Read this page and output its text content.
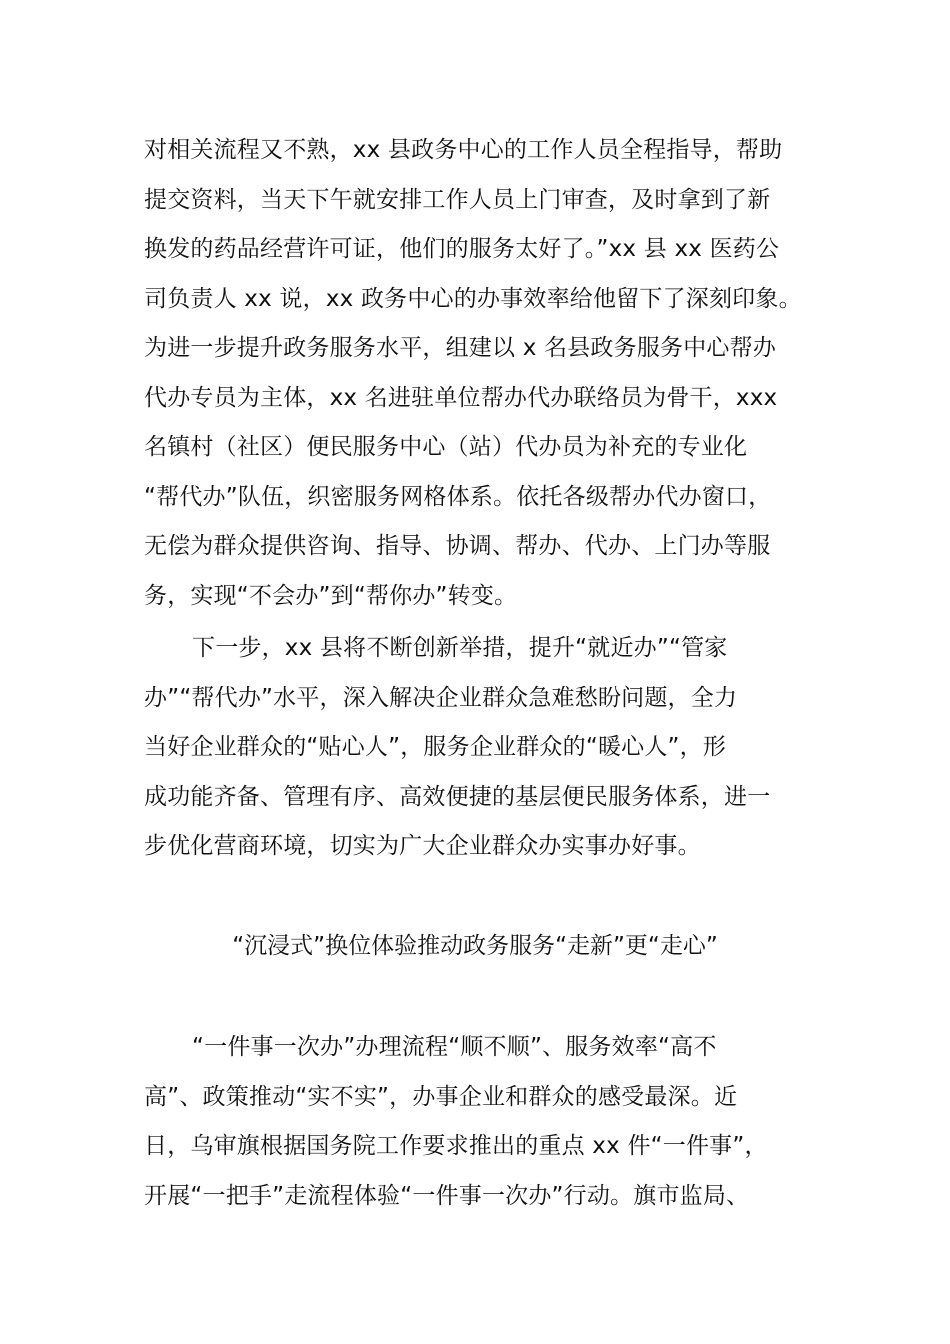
对相关流程又不熟，xx 县政务中心的工作人员全程指导，帮助
提交资料，当天下午就安排工作人员上门审查，及时拿到了新
换发的药品经营许可证，他们的服务太好了。”xx 县 xx 医药公
司负责人 xx 说，xx 政务中心的办事效率给他留下了深刻印象。
为进一步提升政务服务水平，组建以 x 名县政务服务中心帮办
代办专员为主体，xx 名进驻单位帮办代办联络员为骨干，xxx
名镇村（社区）便民服务中心（站）代办员为补充的专业化
“帮代办”队伍，织密服务网格体系。依托各级帮办代办窗口，
无偿为群众提供咨询、指导、协调、帮办、代办、上门办等服
务，实现“不会办”到“帮你办”转变。
下一步，xx 县将不断创新举措，提升“就近办”“管家
办”“帮代办”水平，深入解决企业群众急难愁盼问题，全力
当好企业群众的“贴心人”，服务企业群众的“暖心人”，形
成功能齐备、管理有序、高效便捷的基层便民服务体系，进一
步优化营商环境，切实为广大企业群众办实事办好事。
“沉浸式”换位体验推动政务服务“走新”更“走心”
“一件事一次办”办理流程“顺不顺”、服务效率“高不
高”、政策推动“实不实”，办事企业和群众的感受最深。近
日，乌审旗根据国务院工作要求推出的重点 xx 件“一件事”，
开展“一把手”走流程体验“一件事一次办”行动。旗市监局、
